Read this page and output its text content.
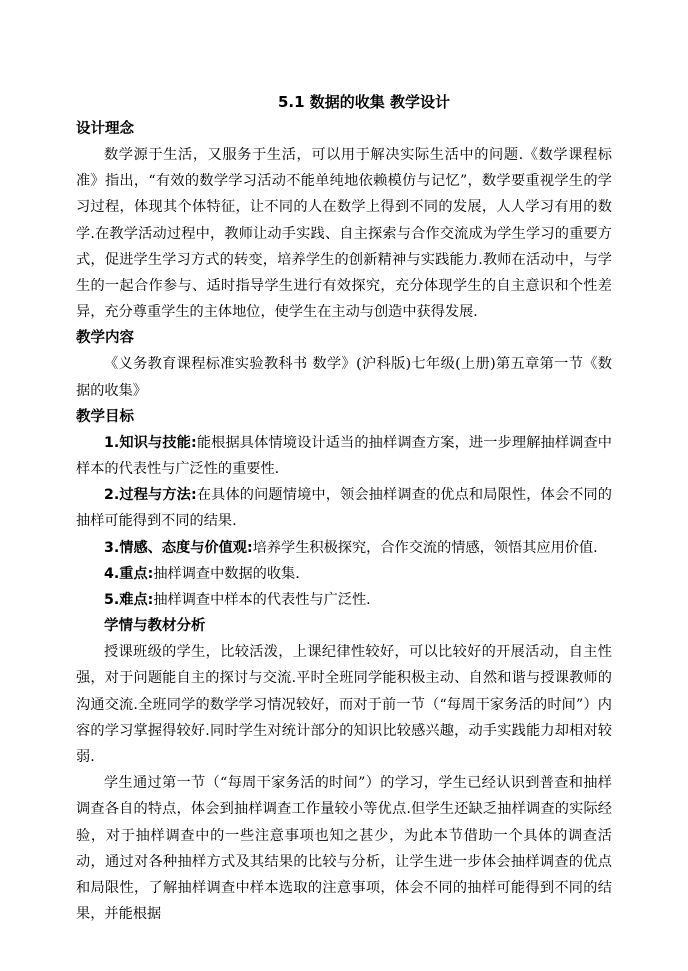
5.1 数据的收集 教学设计
设计理念

数学源于生活，又服务于生活，可以用于解决实际生活中的问题.《数学课程标准》指出，“有效的数学学习活动不能单纯地依赖模仿与记忆”，数学要重视学生的学习过程，体现其个体特征，让不同的人在数学上得到不同的发展，人人学习有用的数学.在教学活动过程中，教师让动手实践、自主探索与合作交流成为学生学习的重要方式，促进学生学习方式的转变，培养学生的创新精神与实践能力.教师在活动中，与学生的一起合作参与、适时指导学生进行有效探究，充分体现学生的自主意识和个性差异，充分尊重学生的主体地位，使学生在主动与创造中获得发展.

教学内容

《义务教育课程标准实验教科书 数学》(沪科版)七年级(上册)第五章第一节《数据的收集》

教学目标

1.知识与技能:能根据具体情境设计适当的抽样调查方案，进一步理解抽样调查中样本的代表性与广泛性的重要性.

2.过程与方法:在具体的问题情境中，领会抽样调查的优点和局限性，体会不同的抽样可能得到不同的结果.

3.情感、态度与价值观:培养学生积极探究，合作交流的情感，领悟其应用价值.

4.重点:抽样调查中数据的收集.

5.难点:抽样调查中样本的代表性与广泛性.

学情与教材分析

授课班级的学生，比较活泼，上课纪律性较好，可以比较好的开展活动，自主性强，对于问题能自主的探讨与交流.平时全班同学能积极主动、自然和谐与授课教师的沟通交流.全班同学的数学学习情况较好，而对于前一节（“每周干家务活的时间”）内容的学习掌握得较好.同时学生对统计部分的知识比较感兴趣，动手实践能力却相对较弱.

学生通过第一节（“每周干家务活的时间”）的学习，学生已经认识到普查和抽样调查各自的特点，体会到抽样调查工作量较小等优点.但学生还缺乏抽样调查的实际经验，对于抽样调查中的一些注意事项也知之甚少，为此本节借助一个具体的调查活动，通过对各种抽样方式及其结果的比较与分析，让学生进一步体会抽样调查的优点和局限性，了解抽样调查中样本选取的注意事项，体会不同的抽样可能得到不同的结果，并能根据
